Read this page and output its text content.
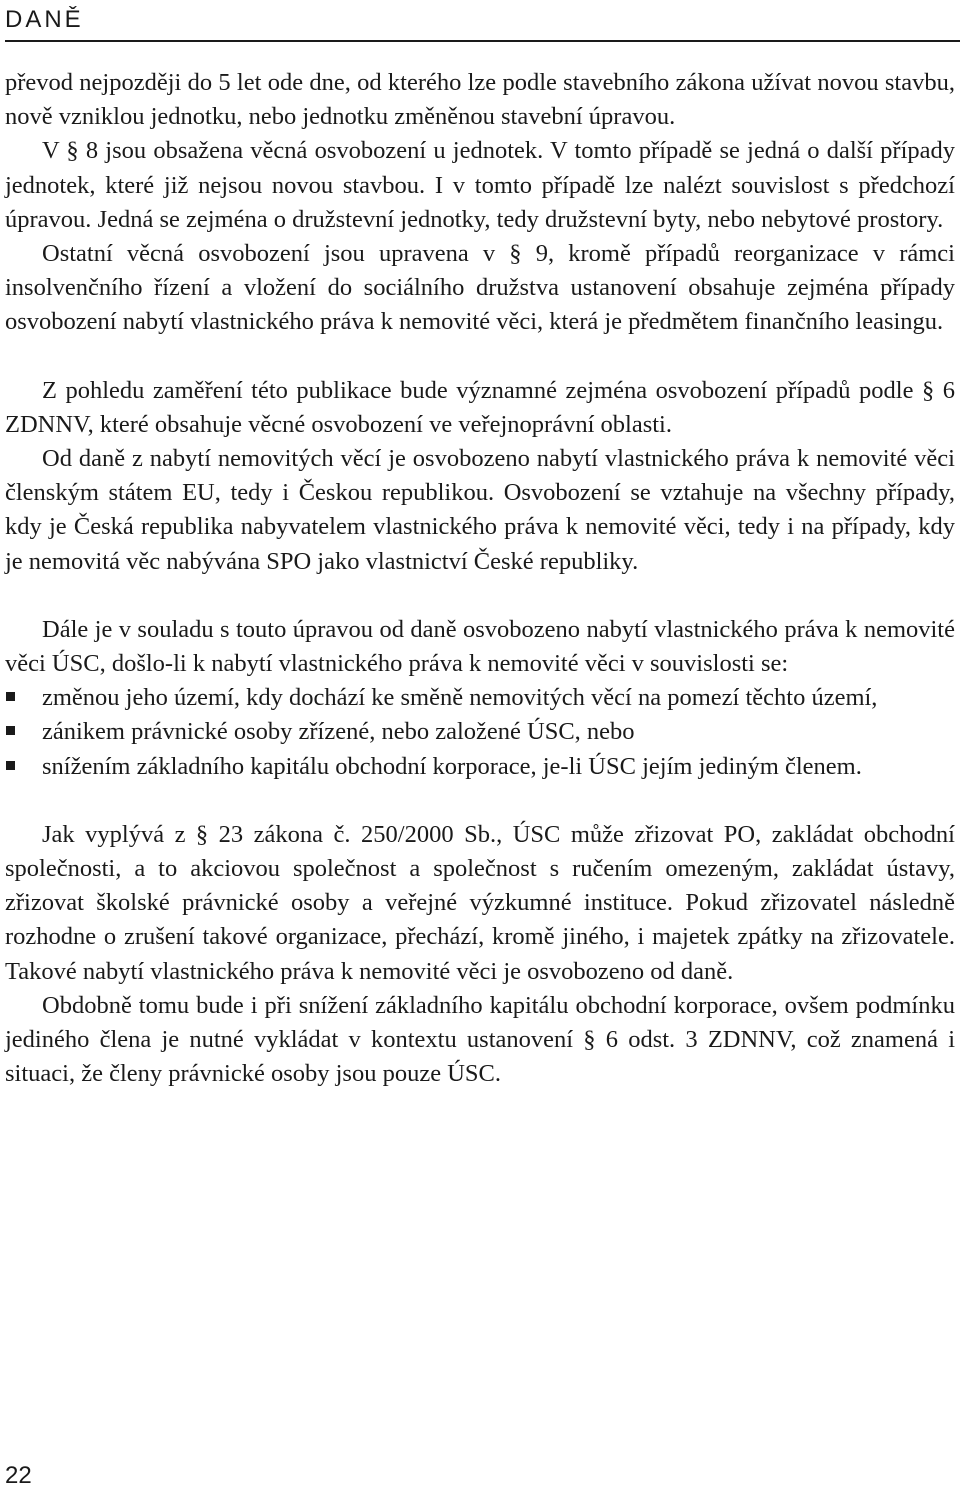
DANĚ

převod nejpozději do 5 let ode dne, od kterého lze podle stavebního zákona užívat novou stavbu, nově vzniklou jednotku, nebo jednotku změněnou stavební úpravou.

V § 8 jsou obsažena věcná osvobození u jednotek. V tomto případě se jedná o další případy jednotek, které již nejsou novou stavbou. I v tomto případě lze nalézt souvislost s předchozí úpravou. Jedná se zejména o družstevní jednotky, tedy družstevní byty, nebo nebytové prostory.

Ostatní věcná osvobození jsou upravena v § 9, kromě případů reorganizace v rámci insolvenčního řízení a vložení do sociálního družstva ustanovení obsahuje zejména případy osvobození nabytí vlastnického práva k nemovité věci, která je předmětem finančního leasingu.

Z pohledu zaměření této publikace bude významné zejména osvobození případů podle § 6 ZDNNV, které obsahuje věcné osvobození ve veřejnoprávní oblasti.

Od daně z nabytí nemovitých věcí je osvobozeno nabytí vlastnického práva k nemovité věci členským státem EU, tedy i Českou republikou. Osvobození se vztahuje na všechny případy, kdy je Česká republika nabyvatelem vlastnického práva k nemovité věci, tedy i na případy, kdy je nemovitá věc nabývána SPO jako vlastnictví České republiky.

Dále je v souladu s touto úpravou od daně osvobozeno nabytí vlastnického práva k nemovité věci ÚSC, došlo-li k nabytí vlastnického práva k nemovité věci v souvislosti se:

změnou jeho území, kdy dochází ke směně nemovitých věcí na pomezí těchto území,
zánikem právnické osoby zřízené, nebo založené ÚSC, nebo
snížením základního kapitálu obchodní korporace, je-li ÚSC jejím jediným členem.

Jak vyplývá z § 23 zákona č. 250/2000 Sb., ÚSC může zřizovat PO, zakládat obchodní společnosti, a to akciovou společnost a společnost s ručením omezeným, zakládat ústavy, zřizovat školské právnické osoby a veřejné výzkumné instituce. Pokud zřizovatel následně rozhodne o zrušení takové organizace, přechází, kromě jiného, i majetek zpátky na zřizovatele. Takové nabytí vlastnického práva k nemovité věci je osvobozeno od daně.

Obdobně tomu bude i při snížení základního kapitálu obchodní korporace, ovšem podmínku jediného člena je nutné vykládat v kontextu ustanovení § 6 odst. 3 ZDNNV, což znamená i situaci, že členy právnické osoby jsou pouze ÚSC.

22
